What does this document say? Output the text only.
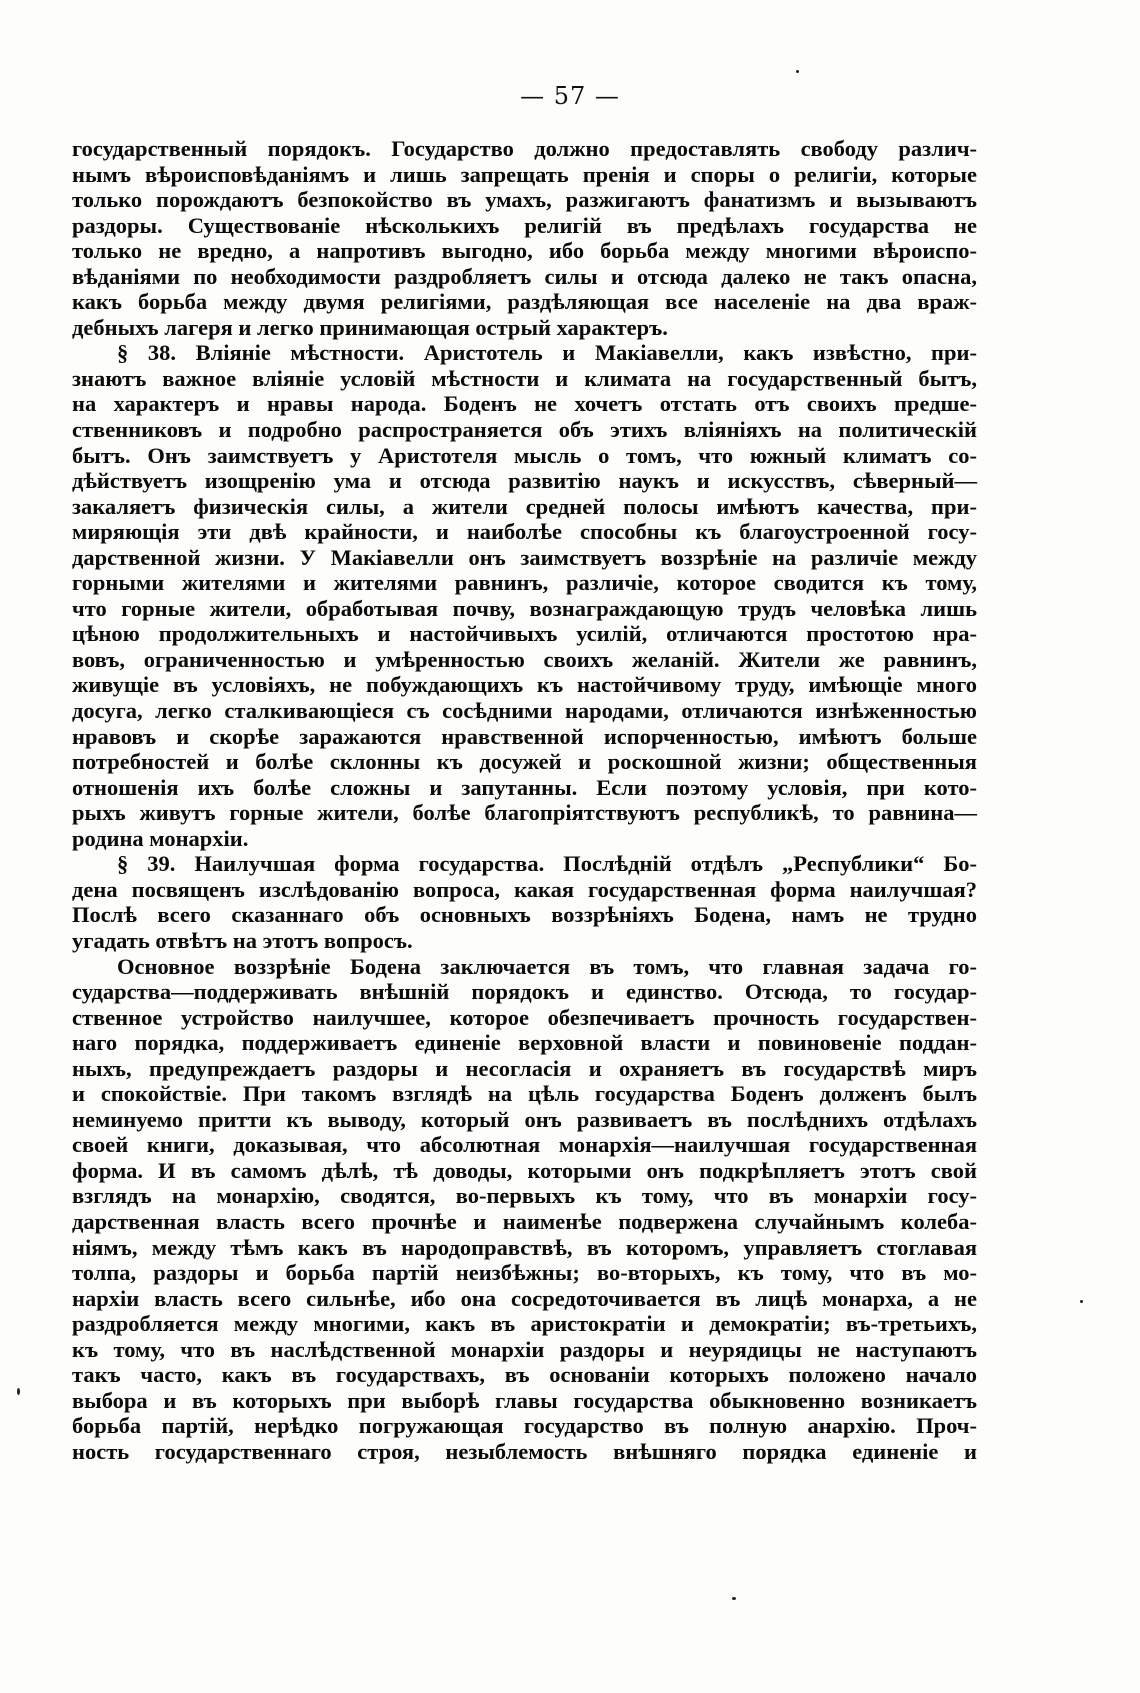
— 57 —
государственный порядокъ. Государство должно предоставлять свободу различ-
нымъ вѣроисповѣданіямъ и лишь запрещать пренія и споры о религіи, которые
только порождаютъ безпокойство въ умахъ, разжигаютъ фанатизмъ и вызываютъ
раздоры. Существованіе нѣсколькихъ религій въ предѣлахъ государства не
только не вредно, а напротивъ выгодно, ибо борьба между многими вѣроиспо-
вѣданіями по необходимости раздробляетъ силы и отсюда далеко не такъ опасна,
какъ борьба между двумя религіями, раздѣляющая все населеніе на два враж-
дебныхъ лагеря и легко принимающая острый характеръ.
§ 38. Вліяніе мѣстности. Аристотель и Макіавелли, какъ извѣстно, при-
знаютъ важное вліяніе условій мѣстности и климата на государственный бытъ,
на характеръ и нравы народа. Боденъ не хочетъ отстать отъ своихъ предше-
ственниковъ и подробно распространяется объ этихъ вліяніяхъ на политическій
бытъ. Онъ заимствуетъ у Аристотеля мысль о томъ, что южный климатъ со-
дѣйствуетъ изощренію ума и отсюда развитію наукъ и искусствъ, сѣверный—
закаляетъ физическія силы, а жители средней полосы имѣютъ качества, при-
миряющія эти двѣ крайности, и наиболѣе способны къ благоустроенной госу-
дарственной жизни. У Макіавелли онъ заимствуетъ воззрѣніе на различіе между
горными жителями и жителями равнинъ, различіе, которое сводится къ тому,
что горные жители, обработывая почву, вознаграждающую трудъ человѣка лишь
цѣною продолжительныхъ и настойчивыхъ усилій, отличаются простотою нра-
вовъ, ограниченностью и умѣренностью своихъ желаній. Жители же равнинъ,
живущіе въ условіяхъ, не побуждающихъ къ настойчивому труду, имѣющіе много
досуга, легко сталкивающіеся съ сосѣдними народами, отличаются изнѣженностью
нравовъ и скорѣе заражаются нравственной испорченностью, имѣютъ больше
потребностей и болѣе склонны къ досужей и роскошной жизни; общественныя
отношенія ихъ болѣе сложны и запутанны. Если поэтому условія, при кото-
рыхъ живутъ горные жители, болѣе благопріятствуютъ республикѣ, то равнина—
родина монархіи.
§ 39. Наилучшая форма государства. Послѣдній отдѣлъ „Республики“ Бо-
дена посвященъ изслѣдованію вопроса, какая государственная форма наилучшая?
Послѣ всего сказаннаго объ основныхъ воззрѣніяхъ Бодена, намъ не трудно
угадать отвѣтъ на этотъ вопросъ.
Основное воззрѣніе Бодена заключается въ томъ, что главная задача го-
сударства—поддерживать внѣшній порядокъ и единство. Отсюда, то государ-
ственное устройство наилучшее, которое обезпечиваетъ прочность государствен-
наго порядка, поддерживаетъ единеніе верховной власти и повиновеніе поддан-
ныхъ, предупреждаетъ раздоры и несогласія и охраняетъ въ государствѣ миръ
и спокойствіе. При такомъ взглядѣ на цѣль государства Боденъ долженъ былъ
неминуемо притти къ выводу, который онъ развиваетъ въ послѣднихъ отдѣлахъ
своей книги, доказывая, что абсолютная монархія—наилучшая государственная
форма. И въ самомъ дѣлѣ, тѣ доводы, которыми онъ подкрѣпляетъ этотъ свой
взглядъ на монархію, сводятся, во-первыхъ къ тому, что въ монархіи госу-
дарственная власть всего прочнѣе и наименѣе подвержена случайнымъ колеба-
ніямъ, между тѣмъ какъ въ народоправствѣ, въ которомъ, управляетъ стоглавая
толпа, раздоры и борьба партій неизбѣжны; во-вторыхъ, къ тому, что въ мо-
нархіи власть всего сильнѣе, ибо она сосредоточивается въ лицѣ монарха, а не
раздробляется между многими, какъ въ аристократіи и демократіи; въ-третьихъ,
къ тому, что въ наслѣдственной монархіи раздоры и неурядицы не наступаютъ
такъ часто, какъ въ государствахъ, въ основаніи которыхъ положено начало
выбора и въ которыхъ при выборѣ главы государства обыкновенно возникаетъ
борьба партій, нерѣдко погружающая государство въ полную анархію. Проч-
ность государственнаго строя, незыблемость внѣшняго порядка единеніе и
